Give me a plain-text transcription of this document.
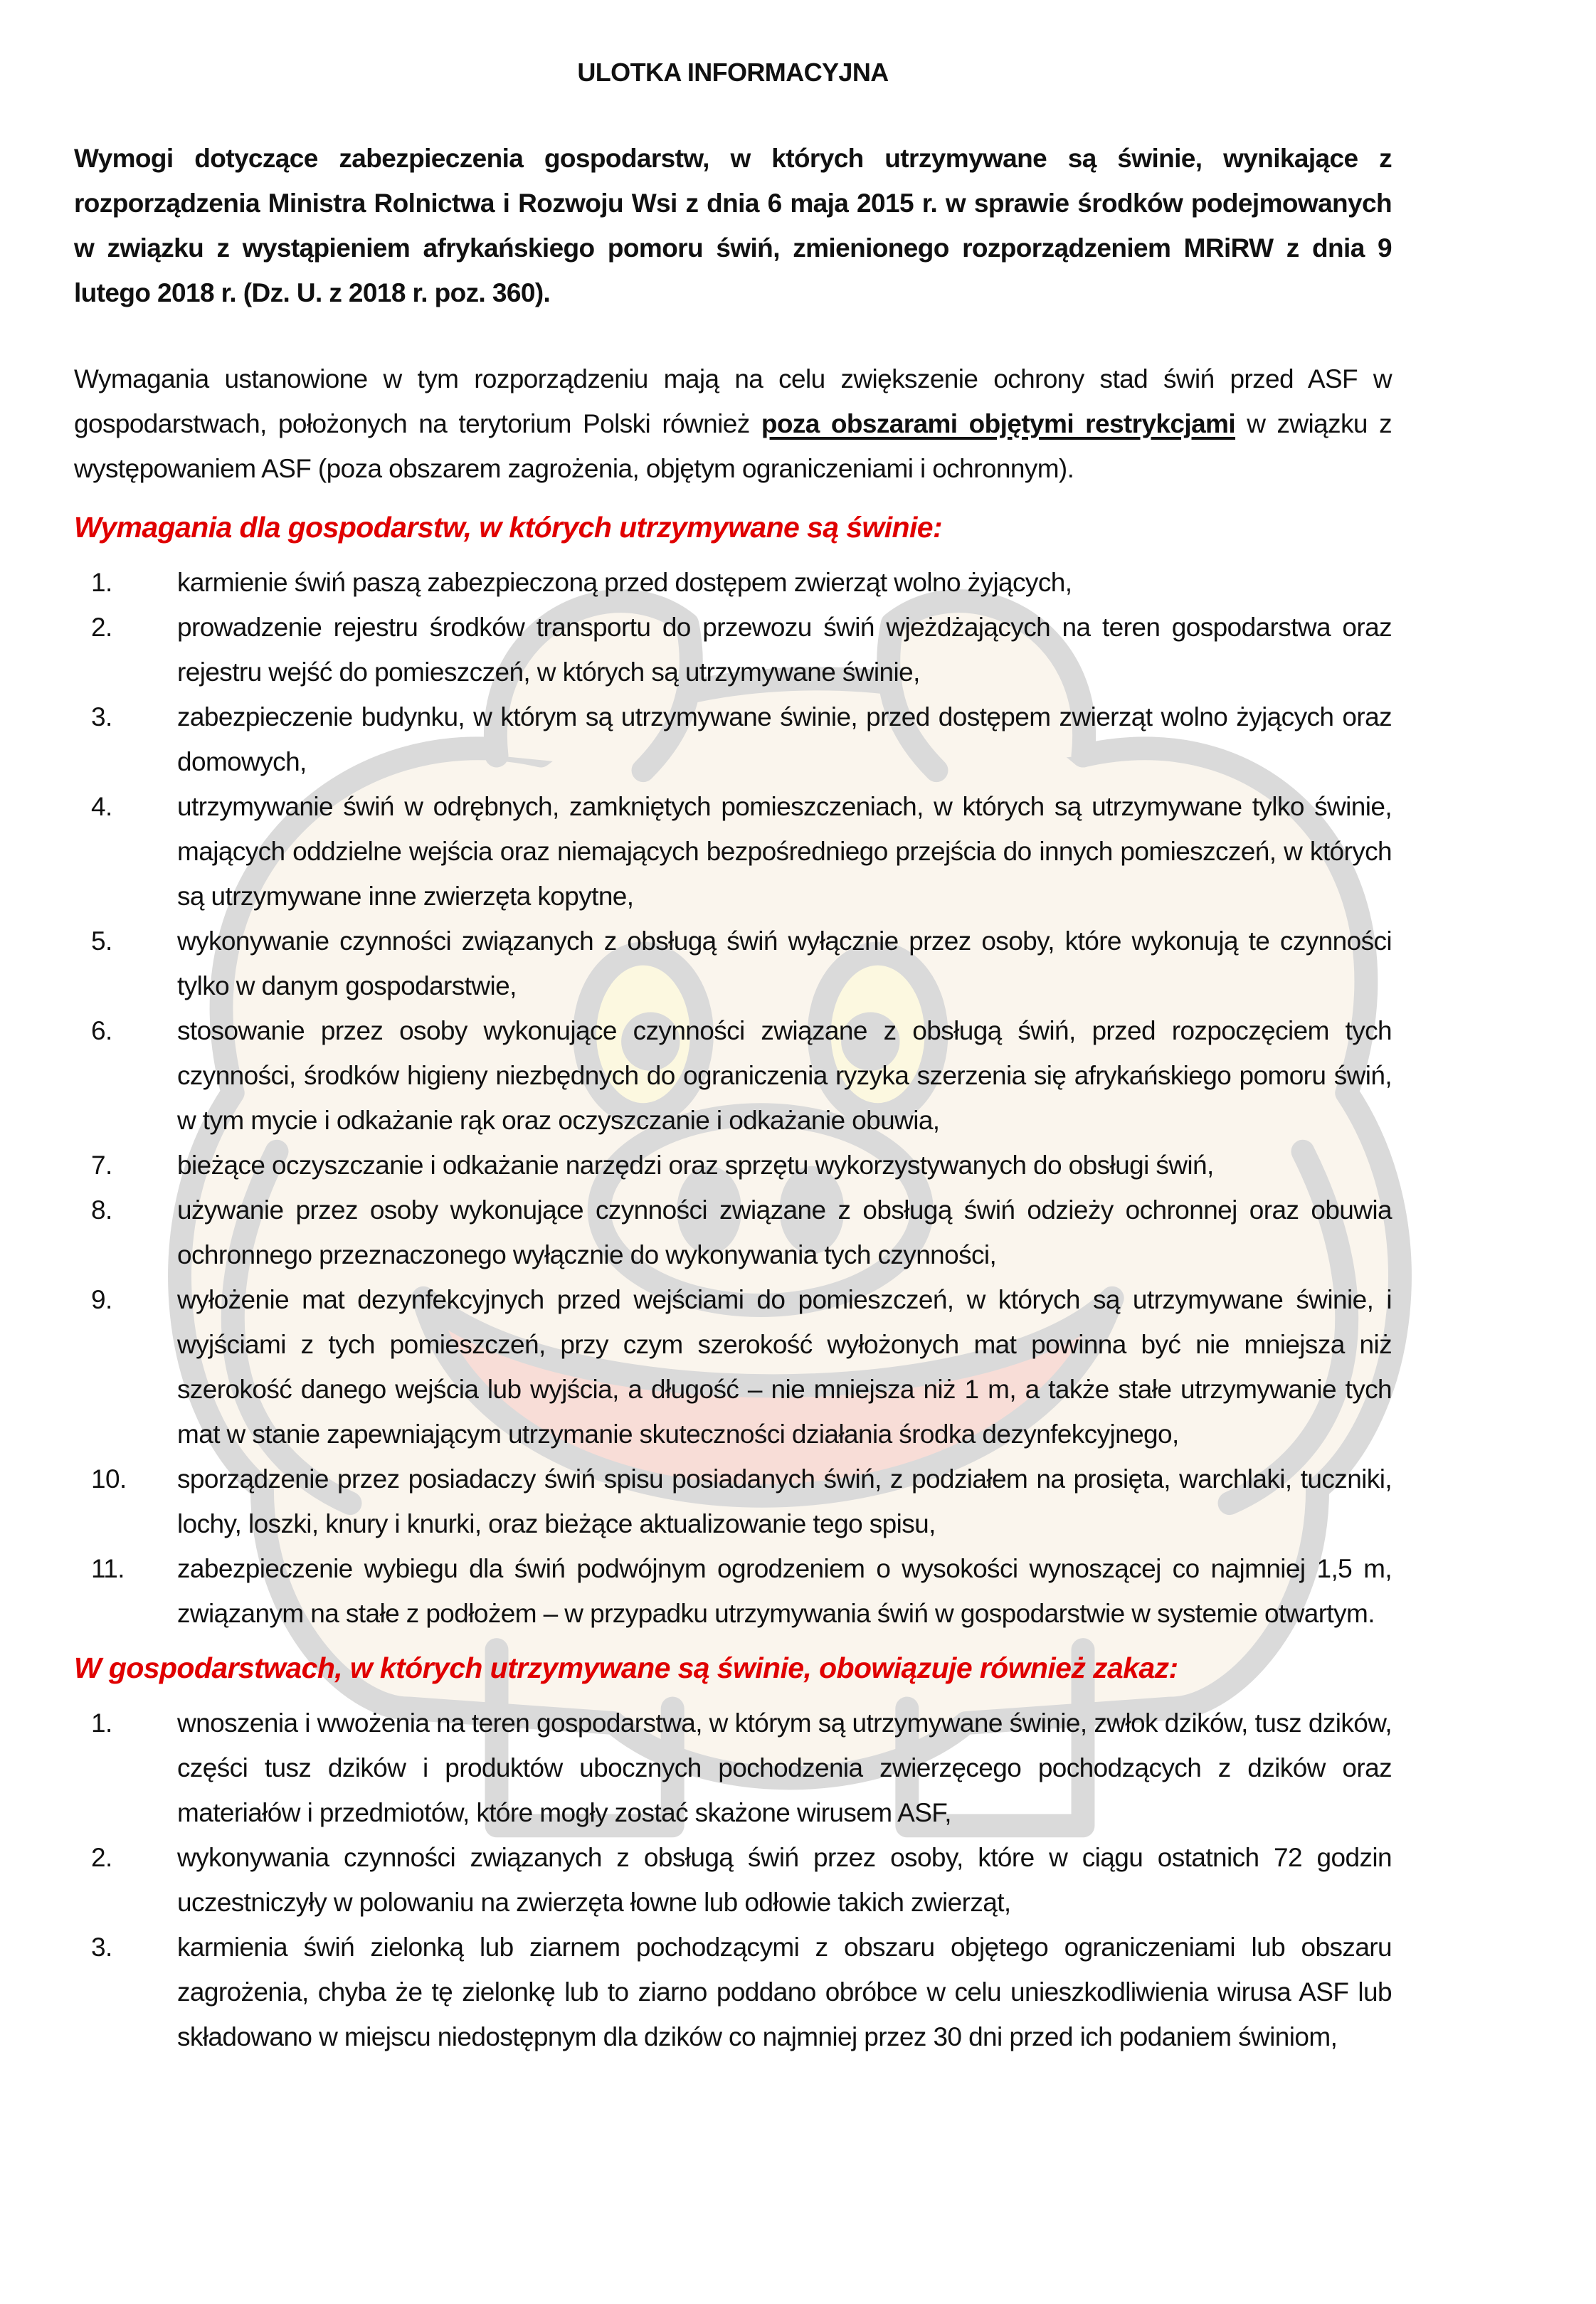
ULOTKA INFORMACYJNA

Wymogi dotyczące zabezpieczenia gospodarstw, w których utrzymywane są świnie, wynikające z rozporządzenia Ministra Rolnictwa i Rozwoju Wsi z dnia 6 maja 2015 r. w sprawie środków podejmowanych w związku z wystąpieniem afrykańskiego pomoru świń, zmienionego rozporządzeniem MRiRW z dnia 9 lutego 2018 r. (Dz. U. z 2018 r. poz. 360).

Wymagania ustanowione w tym rozporządzeniu mają na celu zwiększenie ochrony stad świń przed ASF w gospodarstwach, położonych na terytorium Polski również poza obszarami objętymi restrykcjami w związku z występowaniem ASF (poza obszarem zagrożenia, objętym ograniczeniami i ochronnym).

Wymagania dla gospodarstw, w których utrzymywane są świnie:
1.	karmienie świń paszą zabezpieczoną przed dostępem zwierząt wolno żyjących,
2.	prowadzenie rejestru środków transportu do przewozu świń wjeżdżających na teren gospodarstwa oraz rejestru wejść do pomieszczeń, w których są utrzymywane świnie,
3.	zabezpieczenie budynku, w którym są utrzymywane świnie, przed dostępem zwierząt wolno żyjących oraz domowych,
4.	utrzymywanie świń w odrębnych, zamkniętych pomieszczeniach, w których są utrzymywane tylko świnie, mających oddzielne wejścia oraz niemających bezpośredniego przejścia do innych pomieszczeń, w których są utrzymywane inne zwierzęta kopytne,
5.	wykonywanie czynności związanych z obsługą świń wyłącznie przez osoby, które wykonują te czynności tylko w danym gospodarstwie,
6.	stosowanie przez osoby wykonujące czynności związane z obsługą świń, przed rozpoczęciem tych czynności, środków higieny niezbędnych do ograniczenia ryzyka szerzenia się afrykańskiego pomoru świń, w tym mycie i odkażanie rąk oraz oczyszczanie i odkażanie obuwia,
7.	bieżące oczyszczanie i odkażanie narzędzi oraz sprzętu wykorzystywanych do obsługi świń,
8.	używanie przez osoby wykonujące czynności związane z obsługą świń odzieży ochronnej oraz obuwia ochronnego przeznaczonego wyłącznie do wykonywania tych czynności,
9.	wyłożenie mat dezynfekcyjnych przed wejściami do pomieszczeń, w których są utrzymywane świnie, i wyjściami z tych pomieszczeń, przy czym szerokość wyłożonych mat powinna być nie mniejsza niż szerokość danego wejścia lub wyjścia, a długość – nie mniejsza niż 1 m, a także stałe utrzymywanie tych mat w stanie zapewniającym utrzymanie skuteczności działania środka dezynfekcyjnego,
10.	sporządzenie przez posiadaczy świń spisu posiadanych świń, z podziałem na prosięta, warchlaki, tuczniki, lochy, loszki, knury i knurki, oraz bieżące aktualizowanie tego spisu,
11.	zabezpieczenie wybiegu dla świń podwójnym ogrodzeniem o wysokości wynoszącej co najmniej 1,5 m, związanym na stałe z podłożem – w przypadku utrzymywania świń w gospodarstwie w systemie otwartym.
W gospodarstwach, w których utrzymywane są świnie, obowiązuje również zakaz:
1.	wnoszenia i wwożenia na teren gospodarstwa, w którym są utrzymywane świnie, zwłok dzików, tusz dzików, części tusz dzików i produktów ubocznych pochodzenia zwierzęcego pochodzących z dzików oraz materiałów i przedmiotów, które mogły zostać skażone wirusem ASF,
2.	wykonywania czynności związanych z obsługą świń przez osoby, które w ciągu ostatnich 72 godzin uczestniczyły w polowaniu na zwierzęta łowne lub odłowie takich zwierząt,
3.	karmienia świń zielonką lub ziarnem pochodzącymi z obszaru objętego ograniczeniami lub obszaru zagrożenia, chyba że tę zielonkę lub to ziarno poddano obróbce w celu unieszkodliwienia wirusa ASF lub składowano w miejscu niedostępnym dla dzików co najmniej przez 30 dni przed ich podaniem świniom,
